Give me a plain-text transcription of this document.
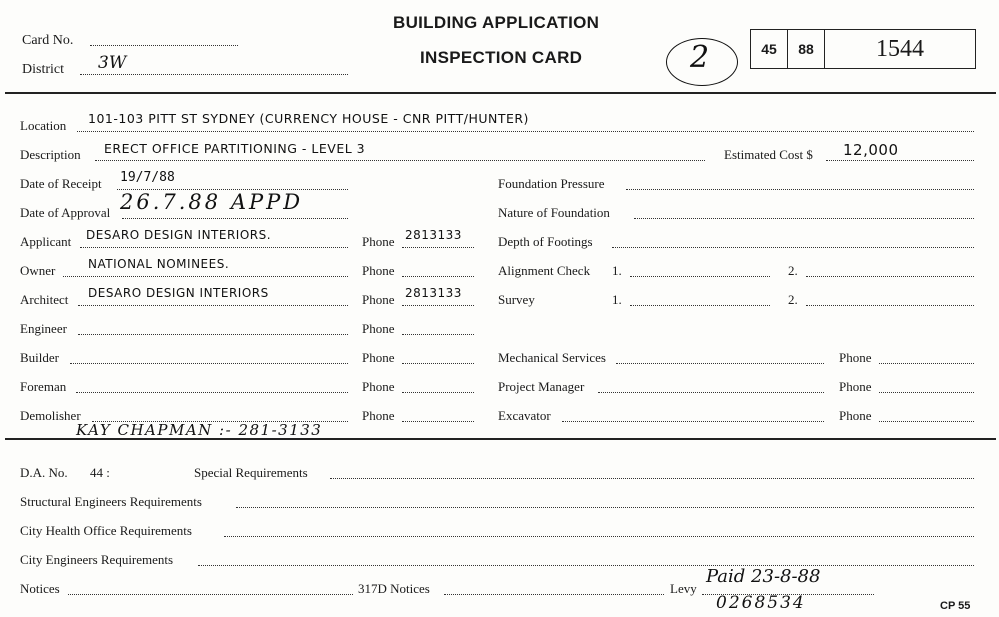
Card No.
District 3W
BUILDING APPLICATION
INSPECTION CARD	2	45 88	1544
Location 101-103 PITT ST SYDNEY (CURRENCY HOUSE - CNR PITT/HUNTER)
Description ERECT OFFICE PARTITIONING - LEVEL 3	Estimated Cost $ 12,000
Date of Receipt 19/7/88
Date of Approval 26.7.88 APPD
Applicant DESARO DESIGN INTERIORS.	Phone 2813133
Owner	NATIONAL NOMINEES.	Phone
Architect DESARO DESIGN INTERIORS	Phone 2813133
Engineer	Phone
Builder	Phone
Foreman	Phone
Demolisher	Phone
Foundation Pressure
Nature of Foundation
Depth of Footings
Alignment Check 1.	2.
Survey	1.	2.
Mechanical Services	Phone
Project Manager	Phone
Excavator	Phone
KAY CHAPMAN :- 281-3133
D.A. No. 44 :	Special Requirements
Structural Engineers Requirements
City Health Office Requirements
City Engineers Requirements
Notices	317D Notices	Levy
Paid 23-8-88
0268534	CP 55
